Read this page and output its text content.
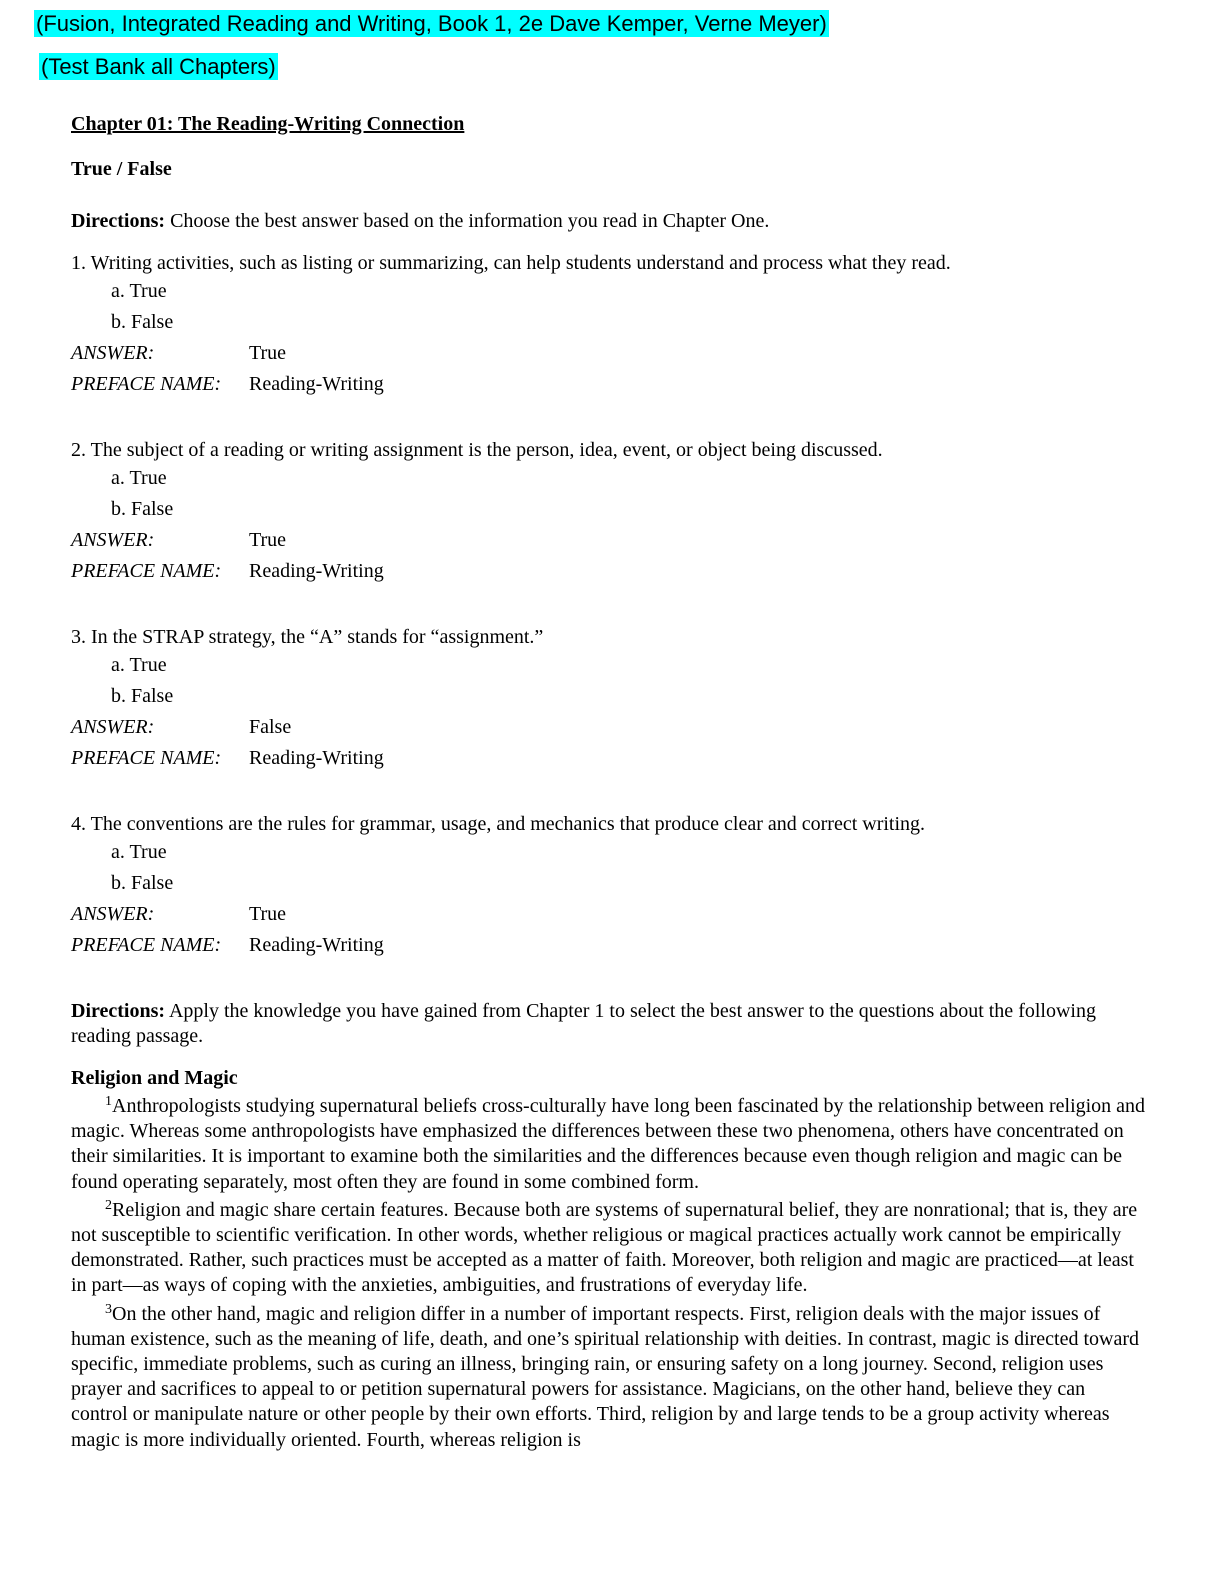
(Fusion, Integrated Reading and Writing, Book 1, 2e Dave Kemper, Verne Meyer)
(Test Bank all Chapters)
Chapter 01: The Reading-Writing Connection
True / False

Directions: Choose the best answer based on the information you read in Chapter One.

1. Writing activities, such as listing or summarizing, can help students understand and process what they read.

a. True
b. False
ANSWER:	True
PREFACE NAME:	Reading-Writing

2. The subject of a reading or writing assignment is the person, idea, event, or object being discussed.

a. True
b. False
ANSWER:	True
PREFACE NAME:	Reading-Writing

3. In the STRAP strategy, the “A” stands for “assignment.”

a. True
b. False
ANSWER:	False
PREFACE NAME:	Reading-Writing

4. The conventions are the rules for grammar, usage, and mechanics that produce clear and correct writing.

a. True
b. False
ANSWER:	True
PREFACE NAME:	Reading-Writing

Directions: Apply the knowledge you have gained from Chapter 1 to select the best answer to the questions about the following reading passage.

Religion and Magic

$^1$Anthropologists studying supernatural beliefs cross-culturally have long been fascinated by the relationship between religion and magic. Whereas some anthropologists have emphasized the differences between these two phenomena, others have concentrated on their similarities. It is important to examine both the similarities and the differences because even though religion and magic can be found operating separately, most often they are found in some combined form.

$^2$Religion and magic share certain features. Because both are systems of supernatural belief, they are nonrational; that is, they are not susceptible to scientific verification. In other words, whether religious or magical practices actually work cannot be empirically demonstrated. Rather, such practices must be accepted as a matter of faith. Moreover, both religion and magic are practiced—at least in part—as ways of coping with the anxieties, ambiguities, and frustrations of everyday life.

$^3$On the other hand, magic and religion differ in a number of important respects. First, religion deals with the major issues of human existence, such as the meaning of life, death, and one’s spiritual relationship with deities. In contrast, magic is directed toward specific, immediate problems, such as curing an illness, bringing rain, or ensuring safety on a long journey. Second, religion uses prayer and sacrifices to appeal to or petition supernatural powers for assistance. Magicians, on the other hand, believe they can control or manipulate nature or other people by their own efforts. Third, religion by and large tends to be a group activity whereas magic is more individually oriented. Fourth, whereas religion is
